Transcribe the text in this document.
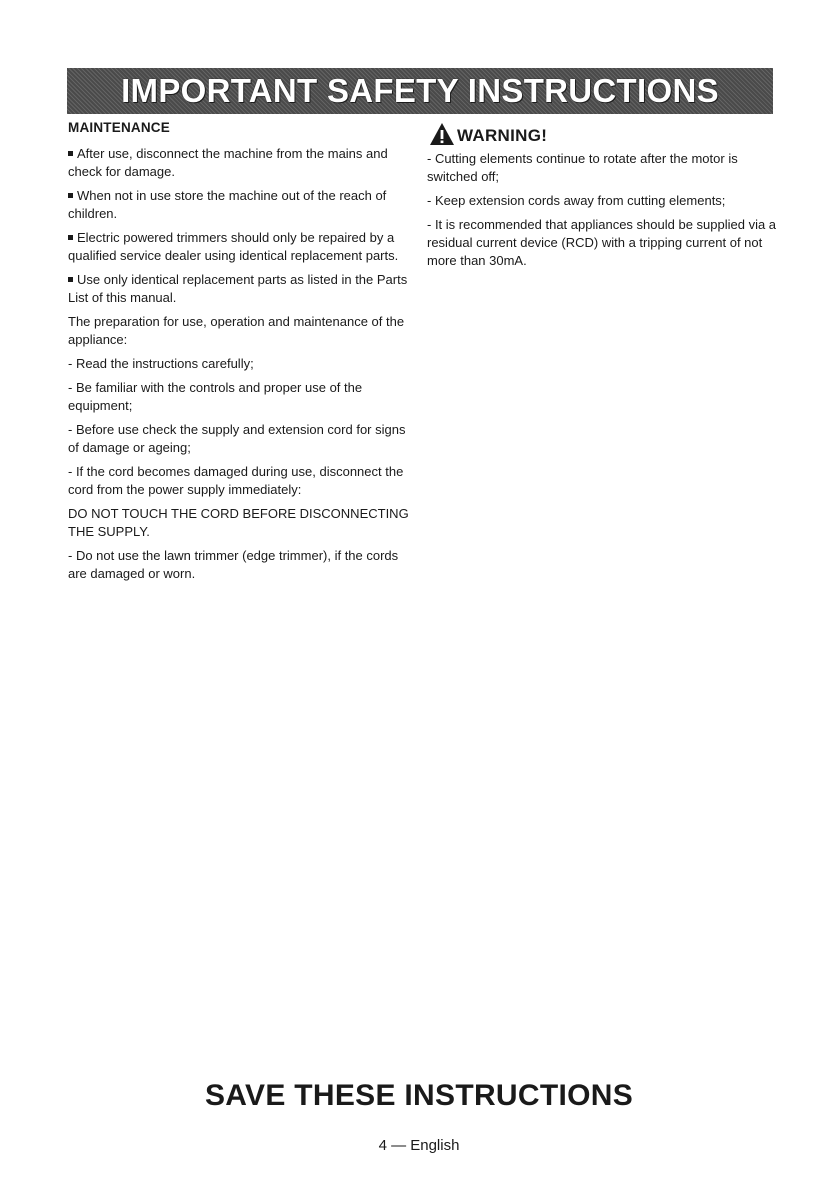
IMPORTANT SAFETY INSTRUCTIONS
MAINTENANCE

After use, disconnect the machine from the mains and check for damage.

When not in use store the machine out of the reach of children.

Electric powered trimmers should only be repaired by a qualified service dealer using identical replacement parts.

Use only identical replacement parts as listed in the Parts List of this manual.

The preparation for use, operation and maintenance of the appliance:

- Read the instructions carefully;

- Be familiar with the controls and proper use of the equipment;

- Before use check the supply and extension cord for signs of damage or ageing;

- If the cord becomes damaged during use, disconnect the cord from the power supply immediately:

DO NOT TOUCH THE CORD BEFORE DISCONNECTING THE SUPPLY.

- Do not use the lawn trimmer (edge trimmer), if the cords are damaged or worn.

WARNING!

- Cutting elements continue to rotate after the motor is switched off;

- Keep extension cords away from cutting elements;

- It is recommended that appliances should be supplied via a residual current device (RCD) with a tripping current of not more than 30mA.

SAVE THESE INSTRUCTIONS
4 — English
